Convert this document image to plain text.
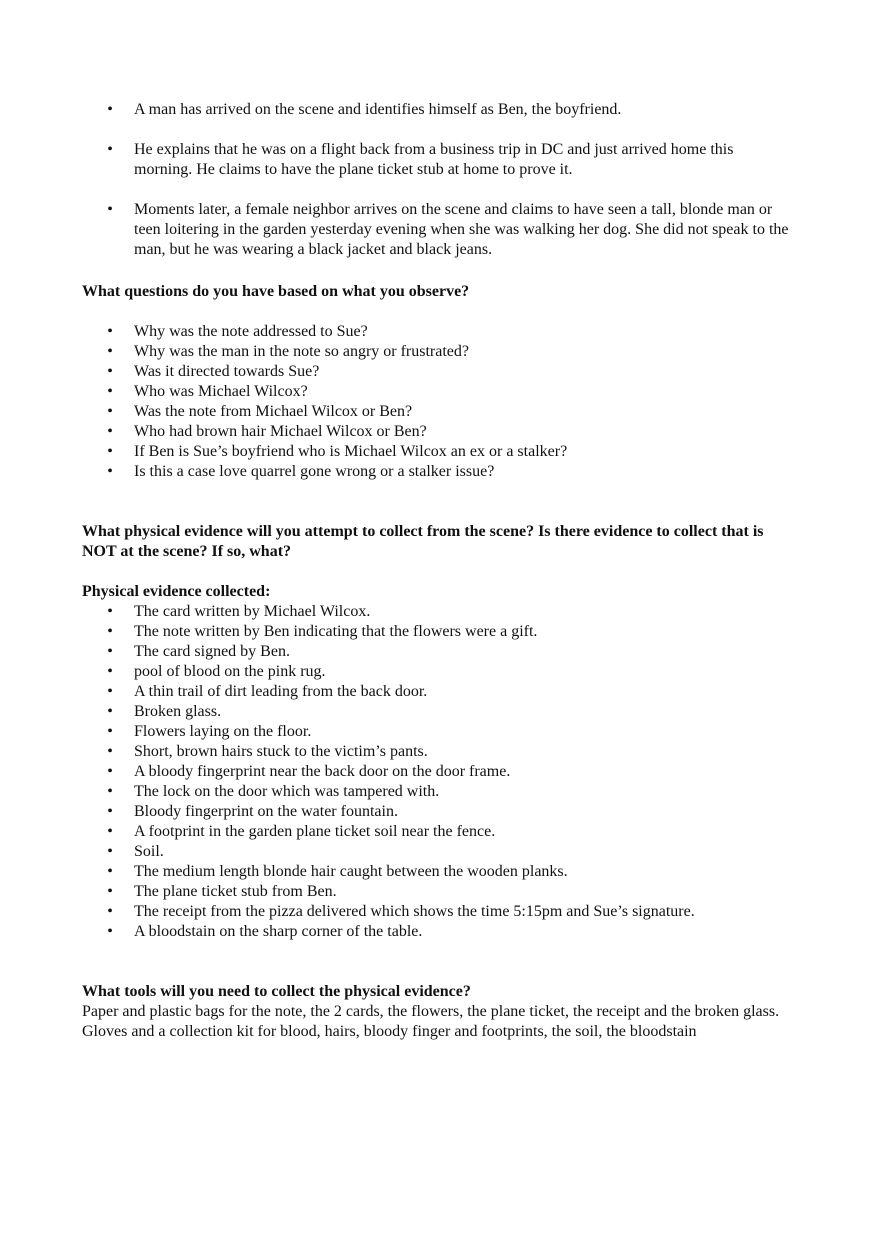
• A man has arrived on the scene and identifies himself as Ben, the boyfriend.
• He explains that he was on a flight back from a business trip in DC and just arrived home this morning. He claims to have the plane ticket stub at home to prove it.
• Moments later, a female neighbor arrives on the scene and claims to have seen a tall, blonde man or teen loitering in the garden yesterday evening when she was walking her dog. She did not speak to the man, but he was wearing a black jacket and black jeans.

What questions do you have based on what you observe?

• Why was the note addressed to Sue?
• Why was the man in the note so angry or frustrated?
• Was it directed towards Sue?
• Who was Michael Wilcox?
• Was the note from Michael Wilcox or Ben?
• Who had brown hair Michael Wilcox or Ben?
• If Ben is Sue’s boyfriend who is Michael Wilcox an ex or a stalker?
• Is this a case love quarrel gone wrong or a stalker issue?

What physical evidence will you attempt to collect from the scene? Is there evidence to collect that is NOT at the scene? If so, what?

Physical evidence collected:

• The card written by Michael Wilcox.
• The note written by Ben indicating that the flowers were a gift.
• The card signed by Ben.
• pool of blood on the pink rug.
• A thin trail of dirt leading from the back door.
• Broken glass.
• Flowers laying on the floor.
• Short, brown hairs stuck to the victim’s pants.
• A bloody fingerprint near the back door on the door frame.
• The lock on the door which was tampered with.
• Bloody fingerprint on the water fountain.
• A footprint in the garden plane ticket soil near the fence.
• Soil.
• The medium length blonde hair caught between the wooden planks.
• The plane ticket stub from Ben.
• The receipt from the pizza delivered which shows the time 5:15pm and Sue’s signature.
• A bloodstain on the sharp corner of the table.

What tools will you need to collect the physical evidence?

Paper and plastic bags for the note, the 2 cards, the flowers, the plane ticket, the receipt and the broken glass. Gloves and a collection kit for blood, hairs, bloody finger and footprints, the soil, the bloodstain
